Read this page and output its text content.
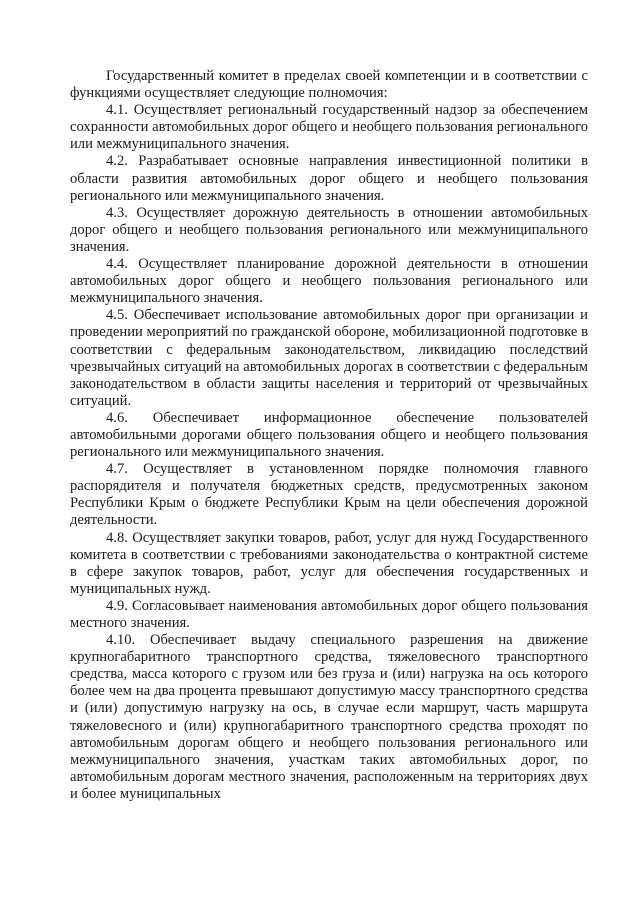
Государственный комитет в пределах своей компетенции и в соответствии с функциями осуществляет следующие полномочия:

4.1. Осуществляет региональный государственный надзор за обеспечением сохранности автомобильных дорог общего и необщего пользования регионального или межмуниципального значения.

4.2. Разрабатывает основные направления инвестиционной политики в области развития автомобильных дорог общего и необщего пользования регионального или межмуниципального значения.

4.3. Осуществляет дорожную деятельность в отношении автомобильных дорог общего и необщего пользования регионального или межмуниципального значения.

4.4. Осуществляет планирование дорожной деятельности в отношении автомобильных дорог общего и необщего пользования регионального или межмуниципального значения.

4.5. Обеспечивает использование автомобильных дорог при организации и проведении мероприятий по гражданской обороне, мобилизационной подготовке в соответствии с федеральным законодательством, ликвидацию последствий чрезвычайных ситуаций на автомобильных дорогах в соответствии с федеральным законодательством в области защиты населения и территорий от чрезвычайных ситуаций.

4.6. Обеспечивает информационное обеспечение пользователей автомобильными дорогами общего пользования общего и необщего пользования регионального или межмуниципального значения.

4.7. Осуществляет в установленном порядке полномочия главного распорядителя и получателя бюджетных средств, предусмотренных законом Республики Крым о бюджете Республики Крым на цели обеспечения дорожной деятельности.

4.8. Осуществляет закупки товаров, работ, услуг для нужд Государственного комитета в соответствии с требованиями законодательства о контрактной системе в сфере закупок товаров, работ, услуг для обеспечения государственных и муниципальных нужд.

4.9. Согласовывает наименования автомобильных дорог общего пользования местного значения.

4.10. Обеспечивает выдачу специального разрешения на движение крупногабаритного транспортного средства, тяжеловесного транспортного средства, масса которого с грузом или без груза и (или) нагрузка на ось которого более чем на два процента превышают допустимую массу транспортного средства и (или) допустимую нагрузку на ось, в случае если маршрут, часть маршрута тяжеловесного и (или) крупногабаритного транспортного средства проходят по автомобильным дорогам общего и необщего пользования регионального или межмуниципального значения, участкам таких автомобильных дорог, по автомобильным дорогам местного значения, расположенным на территориях двух и более муниципальных
